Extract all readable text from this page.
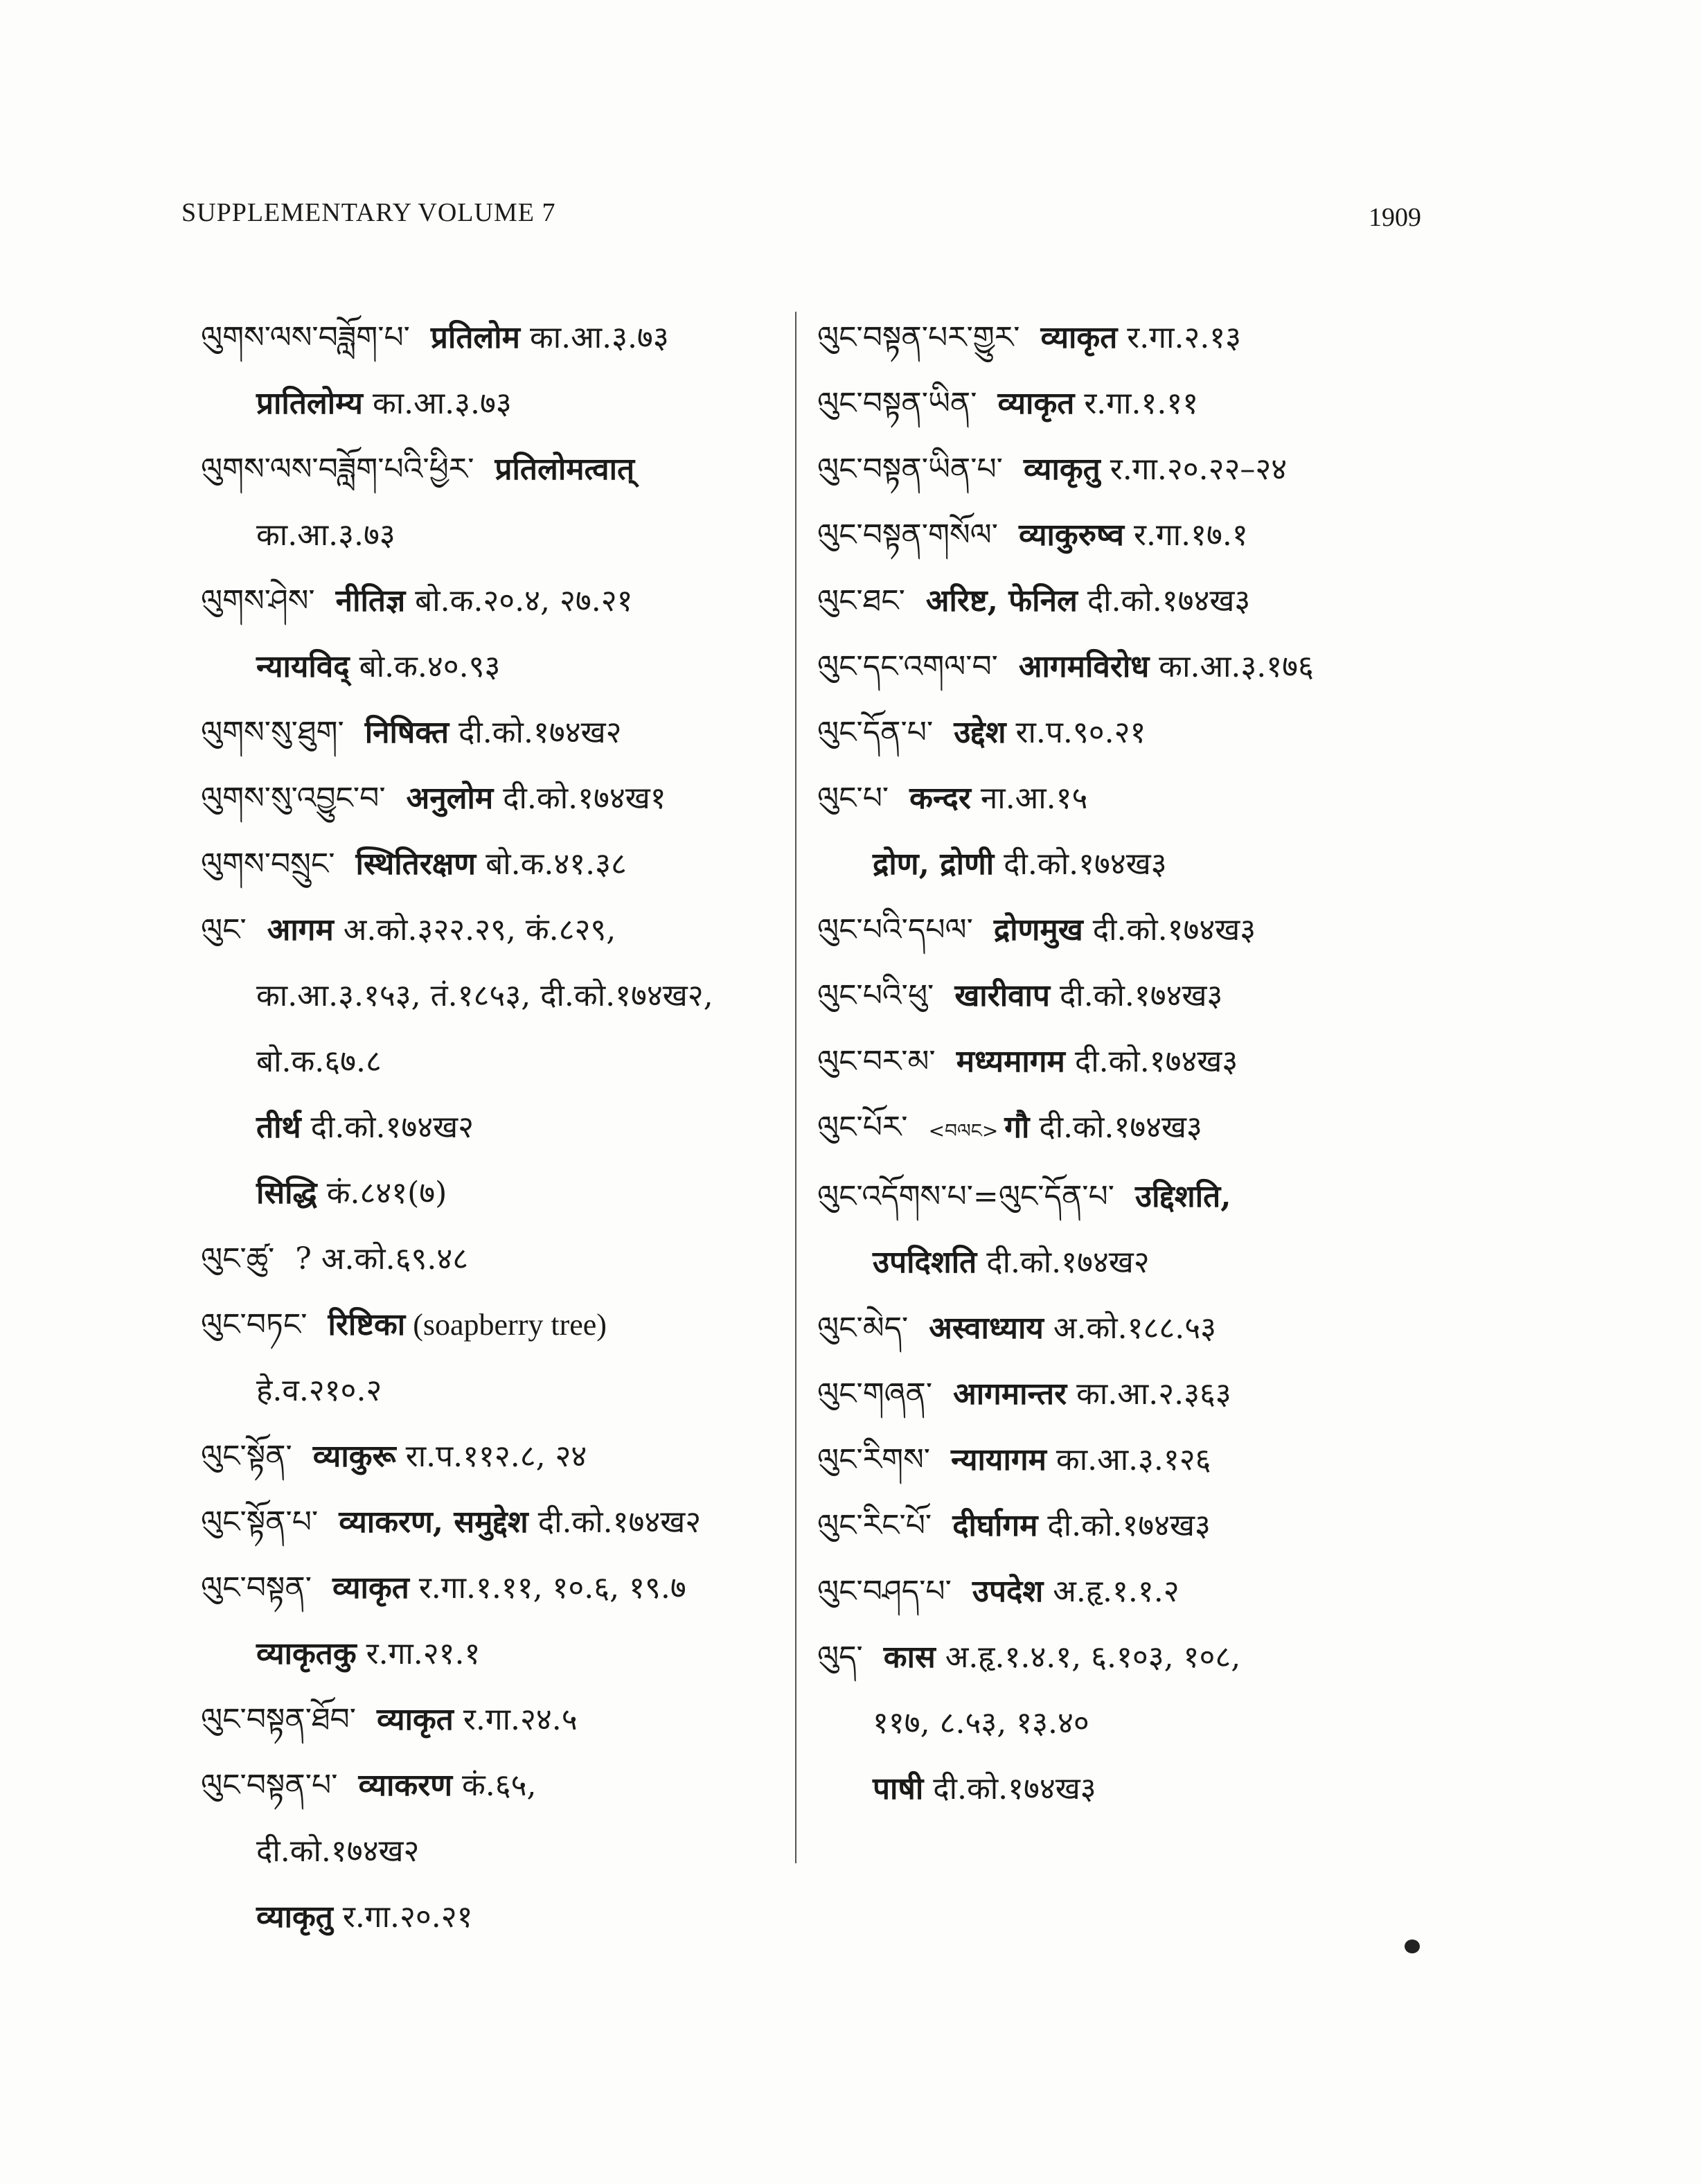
SUPPLEMENTARY VOLUME 7	1909
ལུགས་ལས་བཟློག་པ་ प्रतिलोम का.आ.३.७३
प्रातिलोम्य का.आ.३.७३
ལུགས་ལས་བཟློག་པའི་ཕྱིར་ प्रतिलोमत्वात्
का.आ.३.७३
ལུགས་ཤེས་ नीतिज्ञ बो.क.२०.४, २७.२१
न्यायविद् बो.क.४०.९३
ལུགས་སུ་ཐུག་ निषिक्त दी.को.१७४ख२
ལུགས་སུ་འབྱུང་བ་ अनुलोम दी.को.१७४ख१
ལུགས་བསྲུང་ स्थितिरक्षण बो.क.४१.३८
ལུང་ आगम अ.को.३२२.२९, कं.८२९,
का.आ.३.१५३, तं.१८५३, दी.को.१७४ख२,
बो.क.६७.८
तीर्थ दी.को.१७४ख२
सिद्धि कं.८४१(७)
ལུང་ཚུ་ ? अ.को.६९.४८
ལུང་བཏང་ रिष्टिका (soapberry tree)
हे.व.२१०.२
ལུང་སྟོན་ व्याकुरू रा.प.११२.८, २४
ལུང་སྟོན་པ་ व्याकरण, समुद्देश दी.को.१७४ख२
ལུང་བསྟན་ व्याकृत र.गा.१.११, १०.६, १९.७
व्याकृतकु र.गा.२१.१
ལུང་བསྟན་ཐོབ་ व्याकृत र.गा.२४.५
ལུང་བསྟན་པ་ व्याकरण कं.६५,
दी.को.१७४ख२
व्याकृतु र.गा.२०.२१
ལུང་བསྟན་པར་གྱུར་ व्याकृत र.गा.२.१३
ལུང་བསྟན་ཡིན་ व्याकृत र.गा.१.११
ལུང་བསྟན་ཡིན་པ་ व्याकृतु र.गा.२०.२२–२४
ལུང་བསྟན་གསོལ་ व्याकुरुष्व र.गा.१७.१
ལུང་ཐང་ अरिष्ट, फेनिल दी.को.१७४ख३
ལུང་དང་འགལ་བ་ आगमविरोध का.आ.३.१७६
ལུང་དོན་པ་ उद्देश रा.प.९०.२१
ལུང་པ་ कन्दर ना.आ.१५
द्रोण, द्रोणी दी.को.१७४ख३
ལུང་པའི་དཔལ་ द्रोणमुख दी.को.१७४ख३
ལུང་པའི་ཕུ་ खारीवाप दी.को.१७४ख३
ལུང་བར་མ་ मध्यमागम दी.को.१७४ख३
ལུང་པོར་ <བལང> गौ दी.को.१७४ख३
ལུང་འདོགས་པ་=ལུང་དོན་པ་ उद्दिशति,
उपदिशति दी.को.१७४ख२
ལུང་མེད་ अस्वाध्याय अ.को.१८८.५३
ལུང་གཞན་ आगमान्तर का.आ.२.३६३
ལུང་རིགས་ न्यायागम का.आ.३.१२६
ལུང་རིང་པོ་ दीर्घागम दी.को.१७४ख३
ལུང་བཤད་པ་ उपदेश अ.हृ.१.१.२
ལུད་ कास अ.हृ.१.४.१, ६.१०३, १०८,
११७, ८.५३, १३.४०
पाषी दी.को.१७४ख३
